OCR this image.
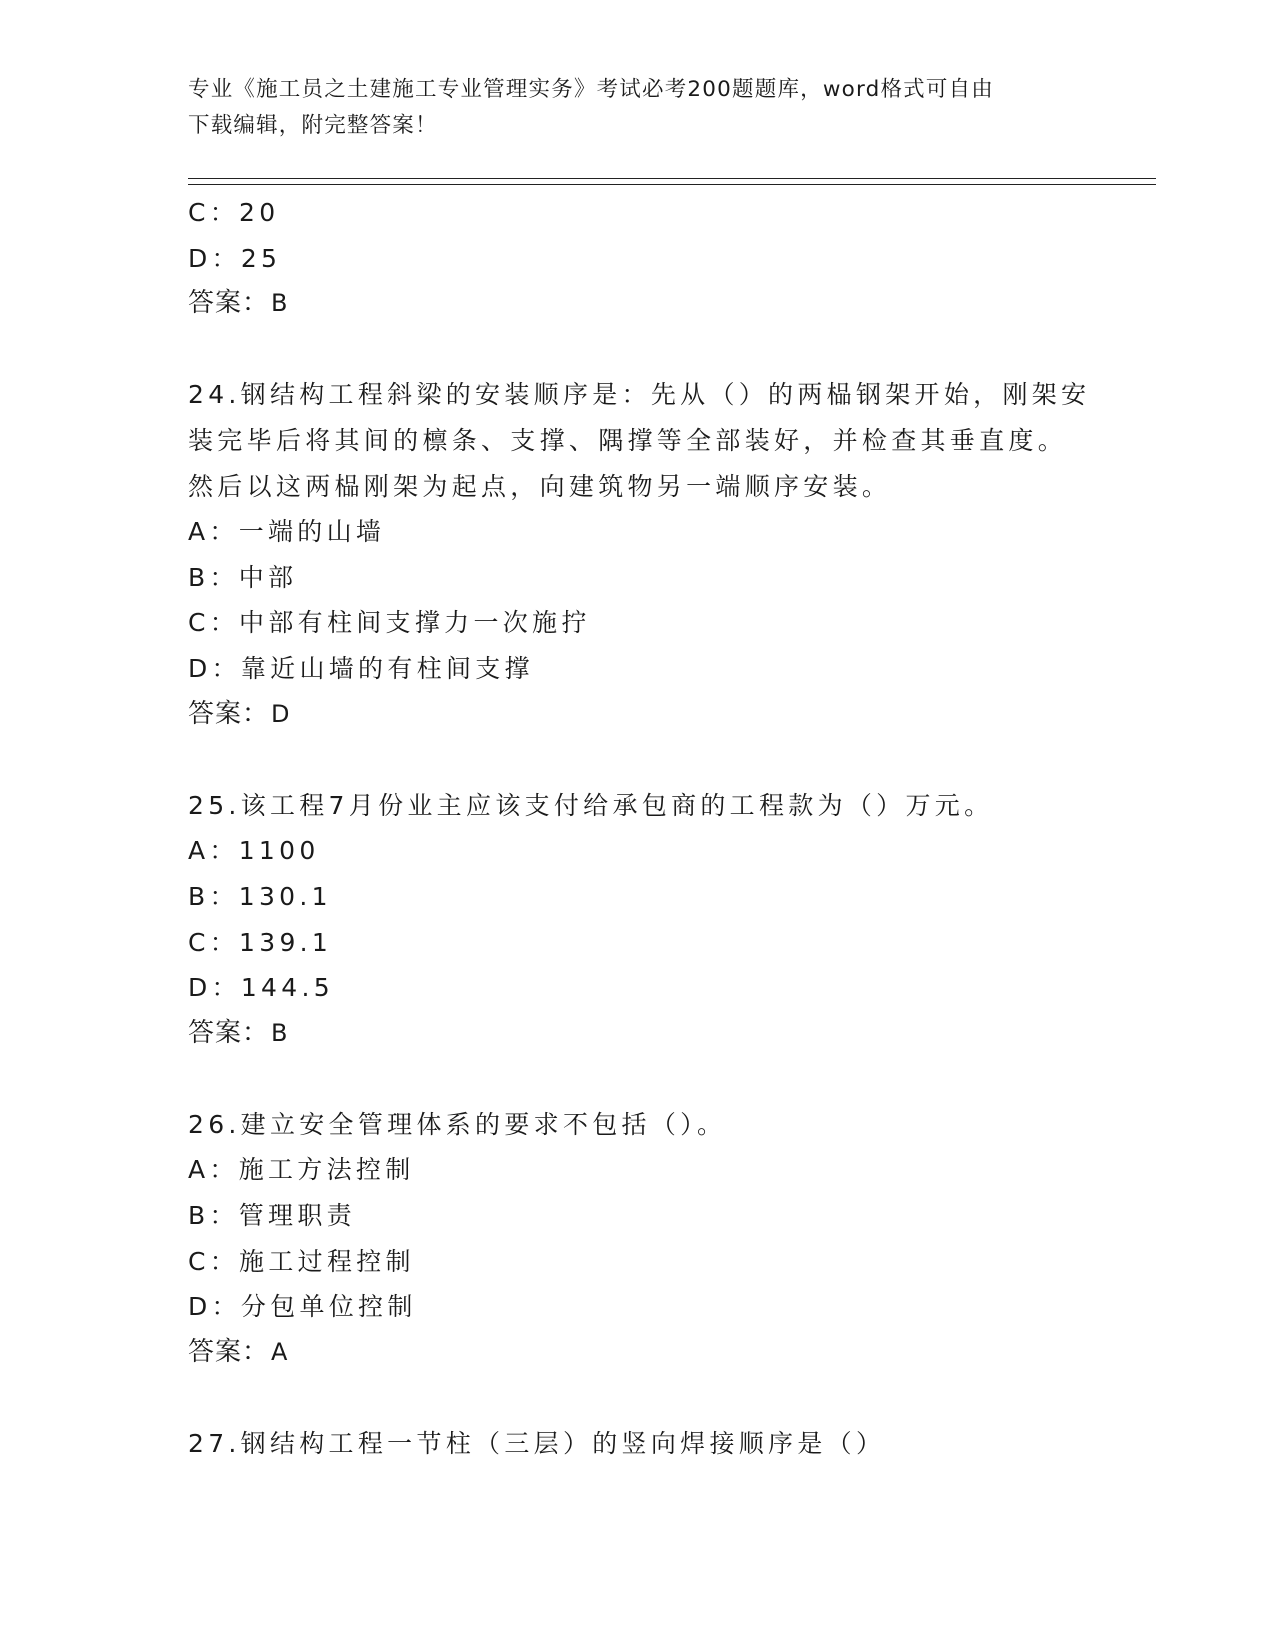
专业《施工员之土建施工专业管理实务》考试必考200题题库，word格式可自由
下载编辑，附完整答案！
C：20
D：25
答案：B
24.钢结构工程斜梁的安装顺序是：先从（）的两榀钢架开始，刚架安
装完毕后将其间的檩条、支撑、隅撑等全部装好，并检查其垂直度。
然后以这两榀刚架为起点，向建筑物另一端顺序安装。
A：一端的山墙
B：中部
C：中部有柱间支撑力一次施拧
D：靠近山墙的有柱间支撑
答案：D
25.该工程7月份业主应该支付给承包商的工程款为（）万元。
A：1100
B：130.1
C：139.1
D：144.5
答案：B
26.建立安全管理体系的要求不包括（）。
A：施工方法控制
B：管理职责
C：施工过程控制
D：分包单位控制
答案：A
27.钢结构工程一节柱（三层）的竖向焊接顺序是（）
